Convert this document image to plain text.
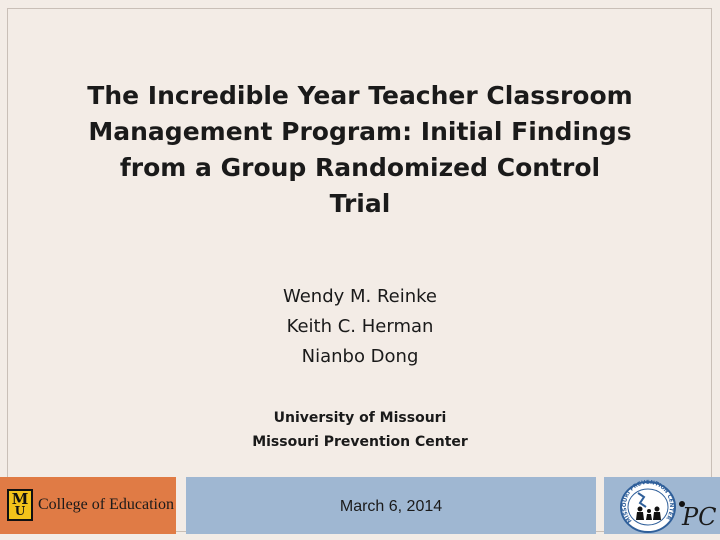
The Incredible Year Teacher Classroom
Management Program: Initial Findings
from a Group Randomized Control
Trial
Wendy M. Reinke
Keith C. Herman
Nianbo Dong
University of Missouri
Missouri Prevention Center
M
U College of Education	March 6, 2014
MISSOURI PREVENTION CENTER PC
